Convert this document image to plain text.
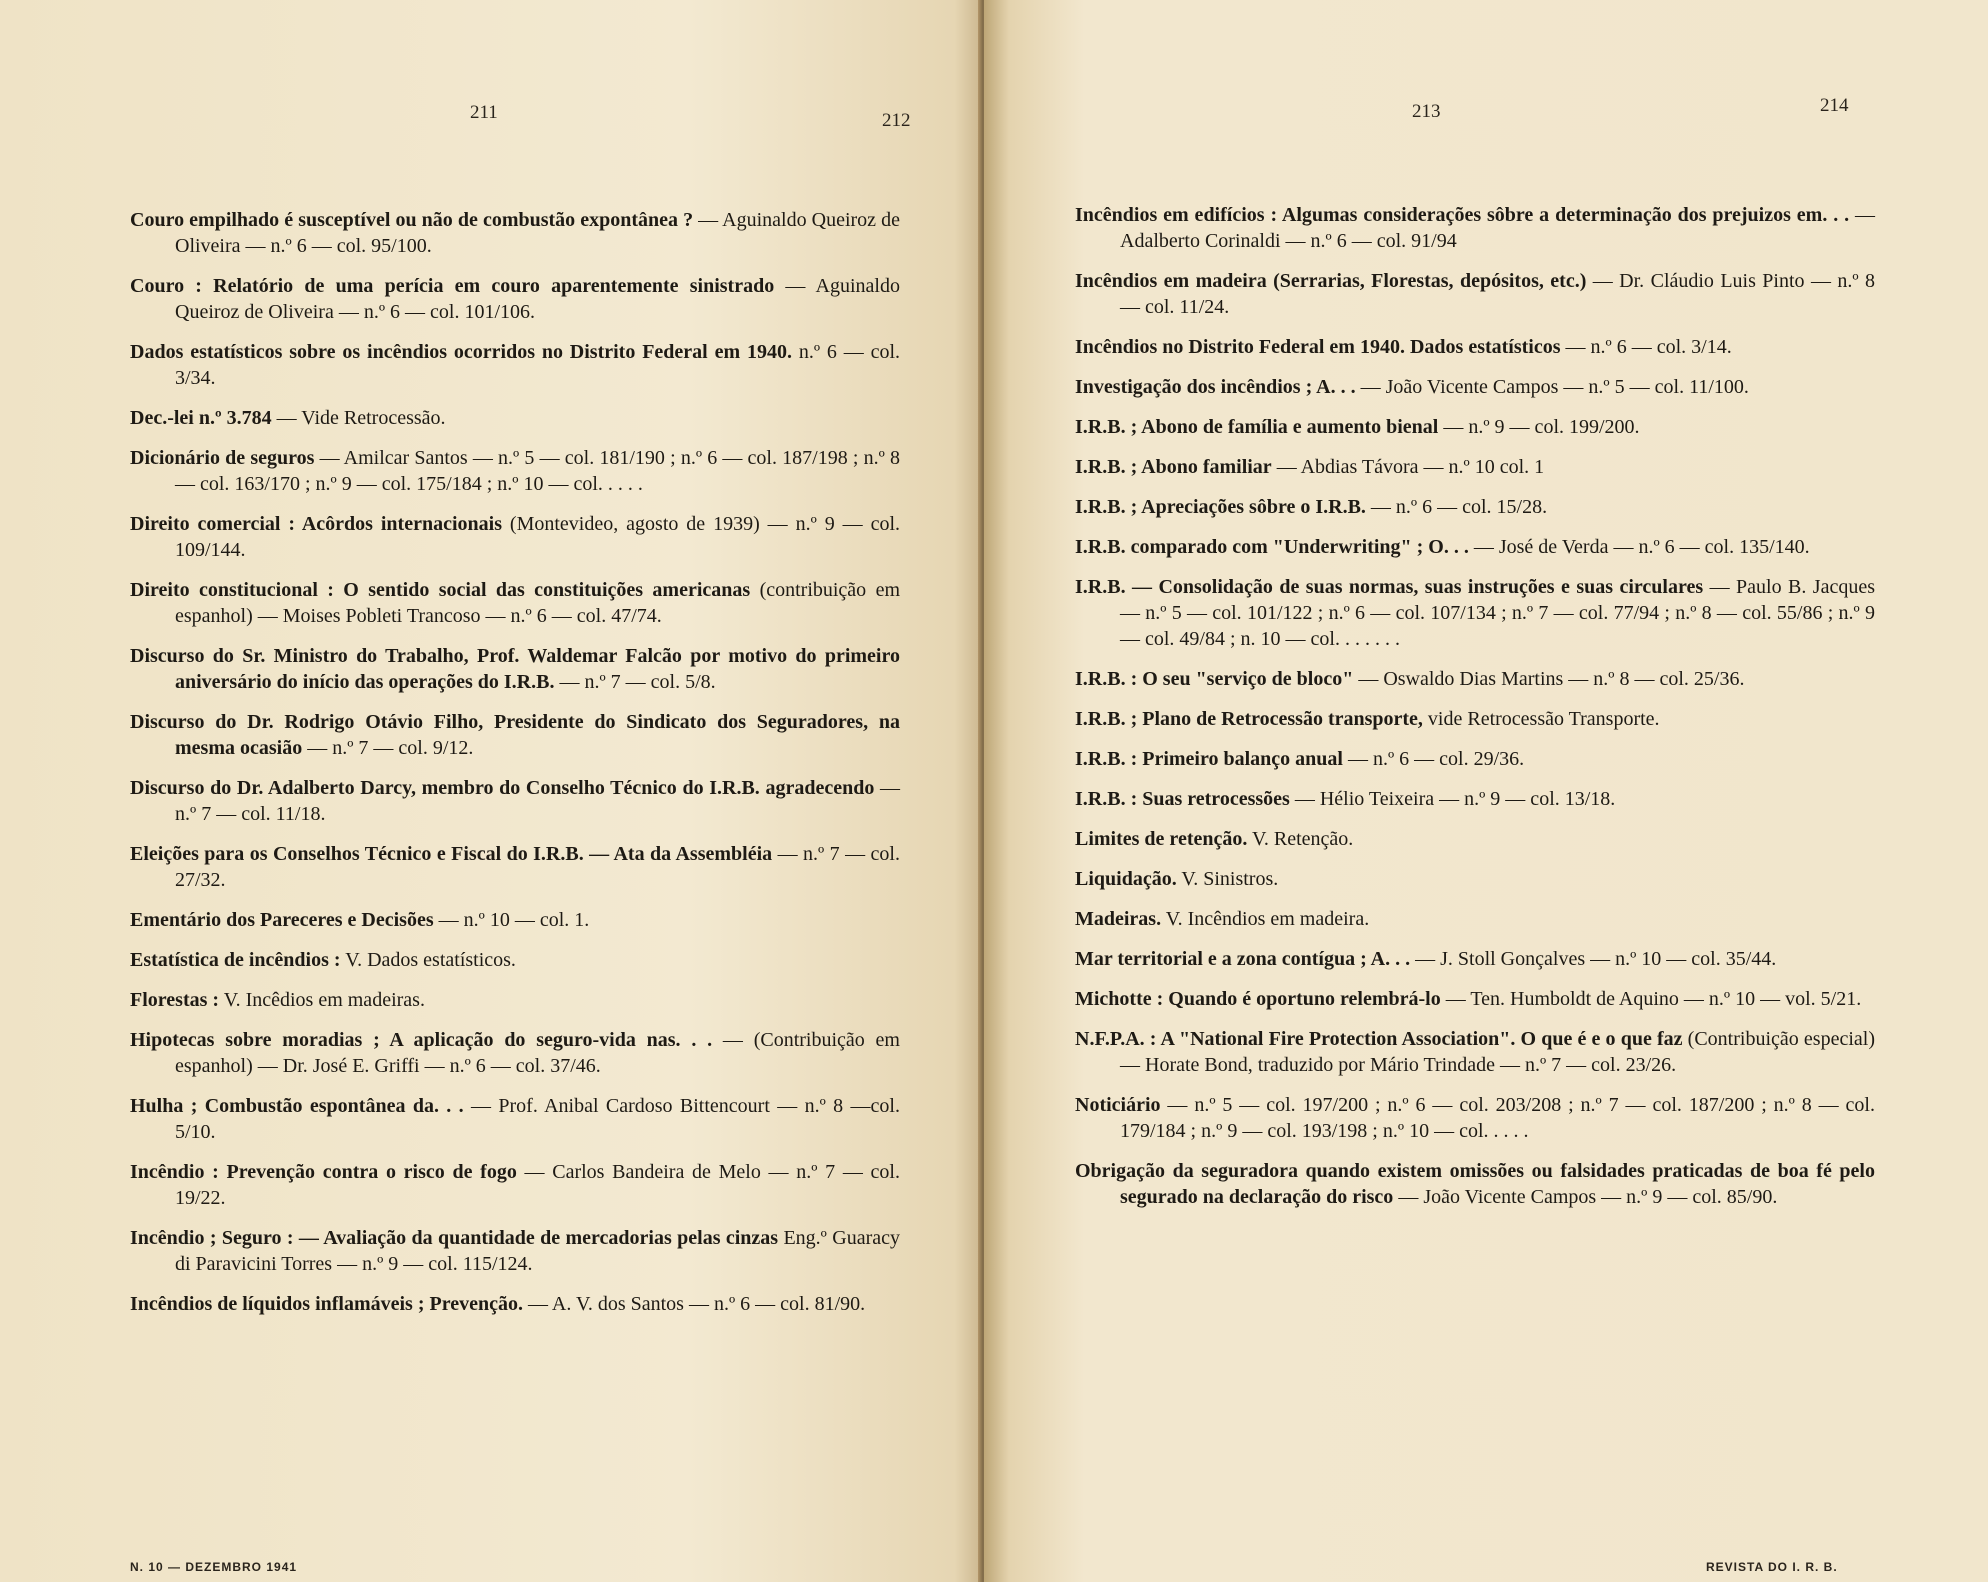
211	212

Couro empilhado é susceptível ou não de combustão expontânea ? — Aguinaldo Queiroz de Oliveira — n.º 6 — col. 95/100.

Couro : Relatório de uma perícia em couro aparentemente sinistrado — Aguinaldo Queiroz de Oliveira — n.º 6 — col. 101/106.

Dados estatísticos sobre os incêndios ocorridos no Distrito Federal em 1940. n.º 6 — col. 3/34.

Dec.-lei n.º 3.784 — Vide Retrocessão.

Dicionário de seguros — Amilcar Santos — n.º 5 — col. 181/190 ; n.º 6 — col. 187/198 ; n.º 8 — col. 163/170 ; n.º 9 — col. 175/184 ; n.º 10 — col. . . . .

Direito comercial : Acôrdos internacionais (Montevideo, agosto de 1939) — n.º 9 — col. 109/144.

Direito constitucional : O sentido social das constituições americanas (contribuição em espanhol) — Moises Pobleti Trancoso — n.º 6 — col. 47/74.

Discurso do Sr. Ministro do Trabalho, Prof. Waldemar Falcão por motivo do primeiro aniversário do início das operações do I.R.B. — n.º 7 — col. 5/8.

Discurso do Dr. Rodrigo Otávio Filho, Presidente do Sindicato dos Seguradores, na mesma ocasião — n.º 7 — col. 9/12.

Discurso do Dr. Adalberto Darcy, membro do Conselho Técnico do I.R.B. agradecendo — n.º 7 — col. 11/18.

Eleições para os Conselhos Técnico e Fiscal do I.R.B. — Ata da Assembléia — n.º 7 — col. 27/32.

Ementário dos Pareceres e Decisões — n.º 10 — col. 1.

Estatística de incêndios : V. Dados estatísticos.

Florestas : V. Incêdios em madeiras.

Hipotecas sobre moradias ; A aplicação do seguro-vida nas. . . — (Contribuição em espanhol) — Dr. José E. Griffi — n.º 6 — col. 37/46.

Hulha ; Combustão espontânea da. . . — Prof. Anibal Cardoso Bittencourt — n.º 8 —col. 5/10.

Incêndio : Prevenção contra o risco de fogo — Carlos Bandeira de Melo — n.º 7 — col. 19/22.

Incêndio ; Seguro : — Avaliação da quantidade de mercadorias pelas cinzas Eng.º Guaracy di Paravicini Torres — n.º 9 — col. 115/124.

Incêndios de líquidos inflamáveis ; Prevenção. — A. V. dos Santos — n.º 6 — col. 81/90.

N. 10 — DEZEMBRO 1941
213	214

Incêndios em edifícios : Algumas considerações sôbre a determinação dos prejuizos em. . . — Adalberto Corinaldi — n.º 6 — col. 91/94

Incêndios em madeira (Serrarias, Florestas, depósitos, etc.) — Dr. Cláudio Luis Pinto — n.º 8 — col. 11/24.

Incêndios no Distrito Federal em 1940. Dados estatísticos — n.º 6 — col. 3/14.

Investigação dos incêndios ; A. . . — João Vicente Campos — n.º 5 — col. 11/100.

I.R.B. ; Abono de família e aumento bienal — n.º 9 — col. 199/200.

I.R.B. ; Abono familiar — Abdias Távora — n.º 10 col. 1

I.R.B. ; Apreciações sôbre o I.R.B. — n.º 6 — col. 15/28.

I.R.B. comparado com "Underwriting" ; O. . . — José de Verda — n.º 6 — col. 135/140.

I.R.B. — Consolidação de suas normas, suas instruções e suas circulares — Paulo B. Jacques — n.º 5 — col. 101/122 ; n.º 6 — col. 107/134 ; n.º 7 — col. 77/94 ; n.º 8 — col. 55/86 ; n.º 9 — col. 49/84 ; n. 10 — col. . . . . . .

I.R.B. : O seu "serviço de bloco" — Oswaldo Dias Martins — n.º 8 — col. 25/36.

I.R.B. ; Plano de Retrocessão transporte, vide Retrocessão Transporte.

I.R.B. : Primeiro balanço anual — n.º 6 — col. 29/36.

I.R.B. : Suas retrocessões — Hélio Teixeira — n.º 9 — col. 13/18.

Limites de retenção. V. Retenção.

Liquidação. V. Sinistros.

Madeiras. V. Incêndios em madeira.

Mar territorial e a zona contígua ; A. . . — J. Stoll Gonçalves — n.º 10 — col. 35/44.

Michotte : Quando é oportuno relembrá-lo — Ten. Humboldt de Aquino — n.º 10 — vol. 5/21.

N.F.P.A. : A "National Fire Protection Association". O que é e o que faz (Contribuição especial) — Horate Bond, traduzido por Mário Trindade — n.º 7 — col. 23/26.

Noticiário — n.º 5 — col. 197/200 ; n.º 6 — col. 203/208 ; n.º 7 — col. 187/200 ; n.º 8 — col. 179/184 ; n.º 9 — col. 193/198 ; n.º 10 — col. . . . .

Obrigação da seguradora quando existem omissões ou falsidades praticadas de boa fé pelo segurado na declaração do risco — João Vicente Campos — n.º 9 — col. 85/90.

REVISTA DO I. R. B.
